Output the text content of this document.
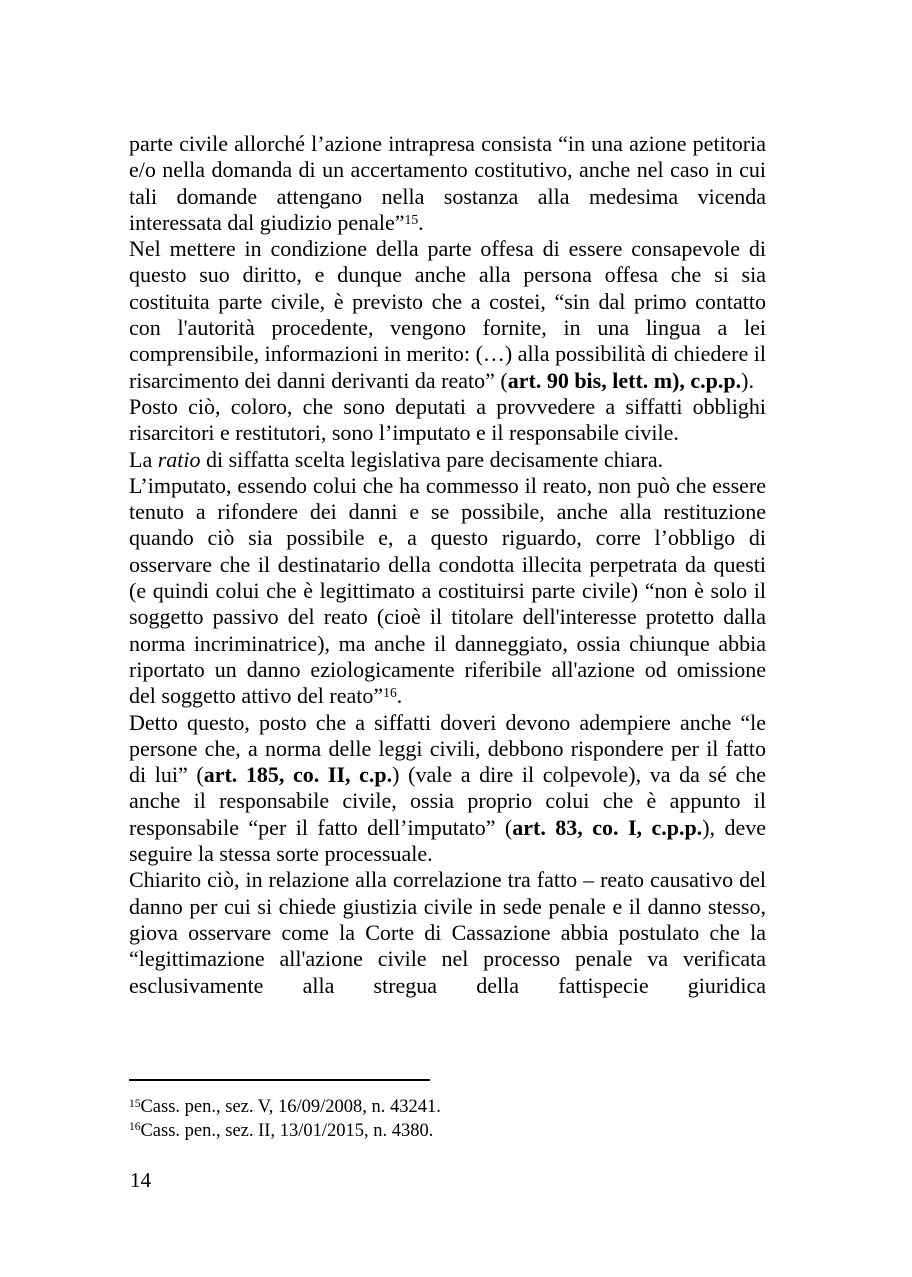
parte civile allorché l’azione intrapresa consista “in una azione petitoria e/o nella domanda di un accertamento costitutivo, anche nel caso in cui tali domande attengano nella sostanza alla medesima vicenda interessata dal giudizio penale”$^{15}$.

Nel mettere in condizione della parte offesa di essere consapevole di questo suo diritto, e dunque anche alla persona offesa che si sia costituita parte civile, è previsto che a costei, “sin dal primo contatto con l'autorità procedente, vengono fornite, in una lingua a lei comprensibile, informazioni in merito: (…) alla possibilità di chiedere il risarcimento dei danni derivanti da reato” (art. 90 bis, lett. m), c.p.p.).

Posto ciò, coloro, che sono deputati a provvedere a siffatti obblighi risarcitori e restitutori, sono l’imputato e il responsabile civile.

La ratio di siffatta scelta legislativa pare decisamente chiara.

L’imputato, essendo colui che ha commesso il reato, non può che essere tenuto a rifondere dei danni e se possibile, anche alla restituzione quando ciò sia possibile e, a questo riguardo, corre l’obbligo di osservare che il destinatario della condotta illecita perpetrata da questi (e quindi colui che è legittimato a costituirsi parte civile) “non è solo il soggetto passivo del reato (cioè il titolare dell'interesse protetto dalla norma incriminatrice), ma anche il danneggiato, ossia chiunque abbia riportato un danno eziologicamente riferibile all'azione od omissione del soggetto attivo del reato”$^{16}$.

Detto questo, posto che a siffatti doveri devono adempiere anche “le persone che, a norma delle leggi civili, debbono rispondere per il fatto di lui” (art. 185, co. II, c.p.) (vale a dire il colpevole), va da sé che anche il responsabile civile, ossia proprio colui che è appunto il responsabile “per il fatto dell’imputato” (art. 83, co. I, c.p.p.), deve seguire la stessa sorte processuale.

Chiarito ciò, in relazione alla correlazione tra fatto – reato causativo del danno per cui si chiede giustizia civile in sede penale e il danno stesso, giova osservare come la Corte di Cassazione abbia postulato che la “legittimazione all'azione civile nel processo penale va verificata esclusivamente alla stregua della fattispecie giuridica

$^{15}$Cass. pen., sez. V, 16/09/2008, n. 43241.
$^{16}$Cass. pen., sez. II, 13/01/2015, n. 4380.
14
